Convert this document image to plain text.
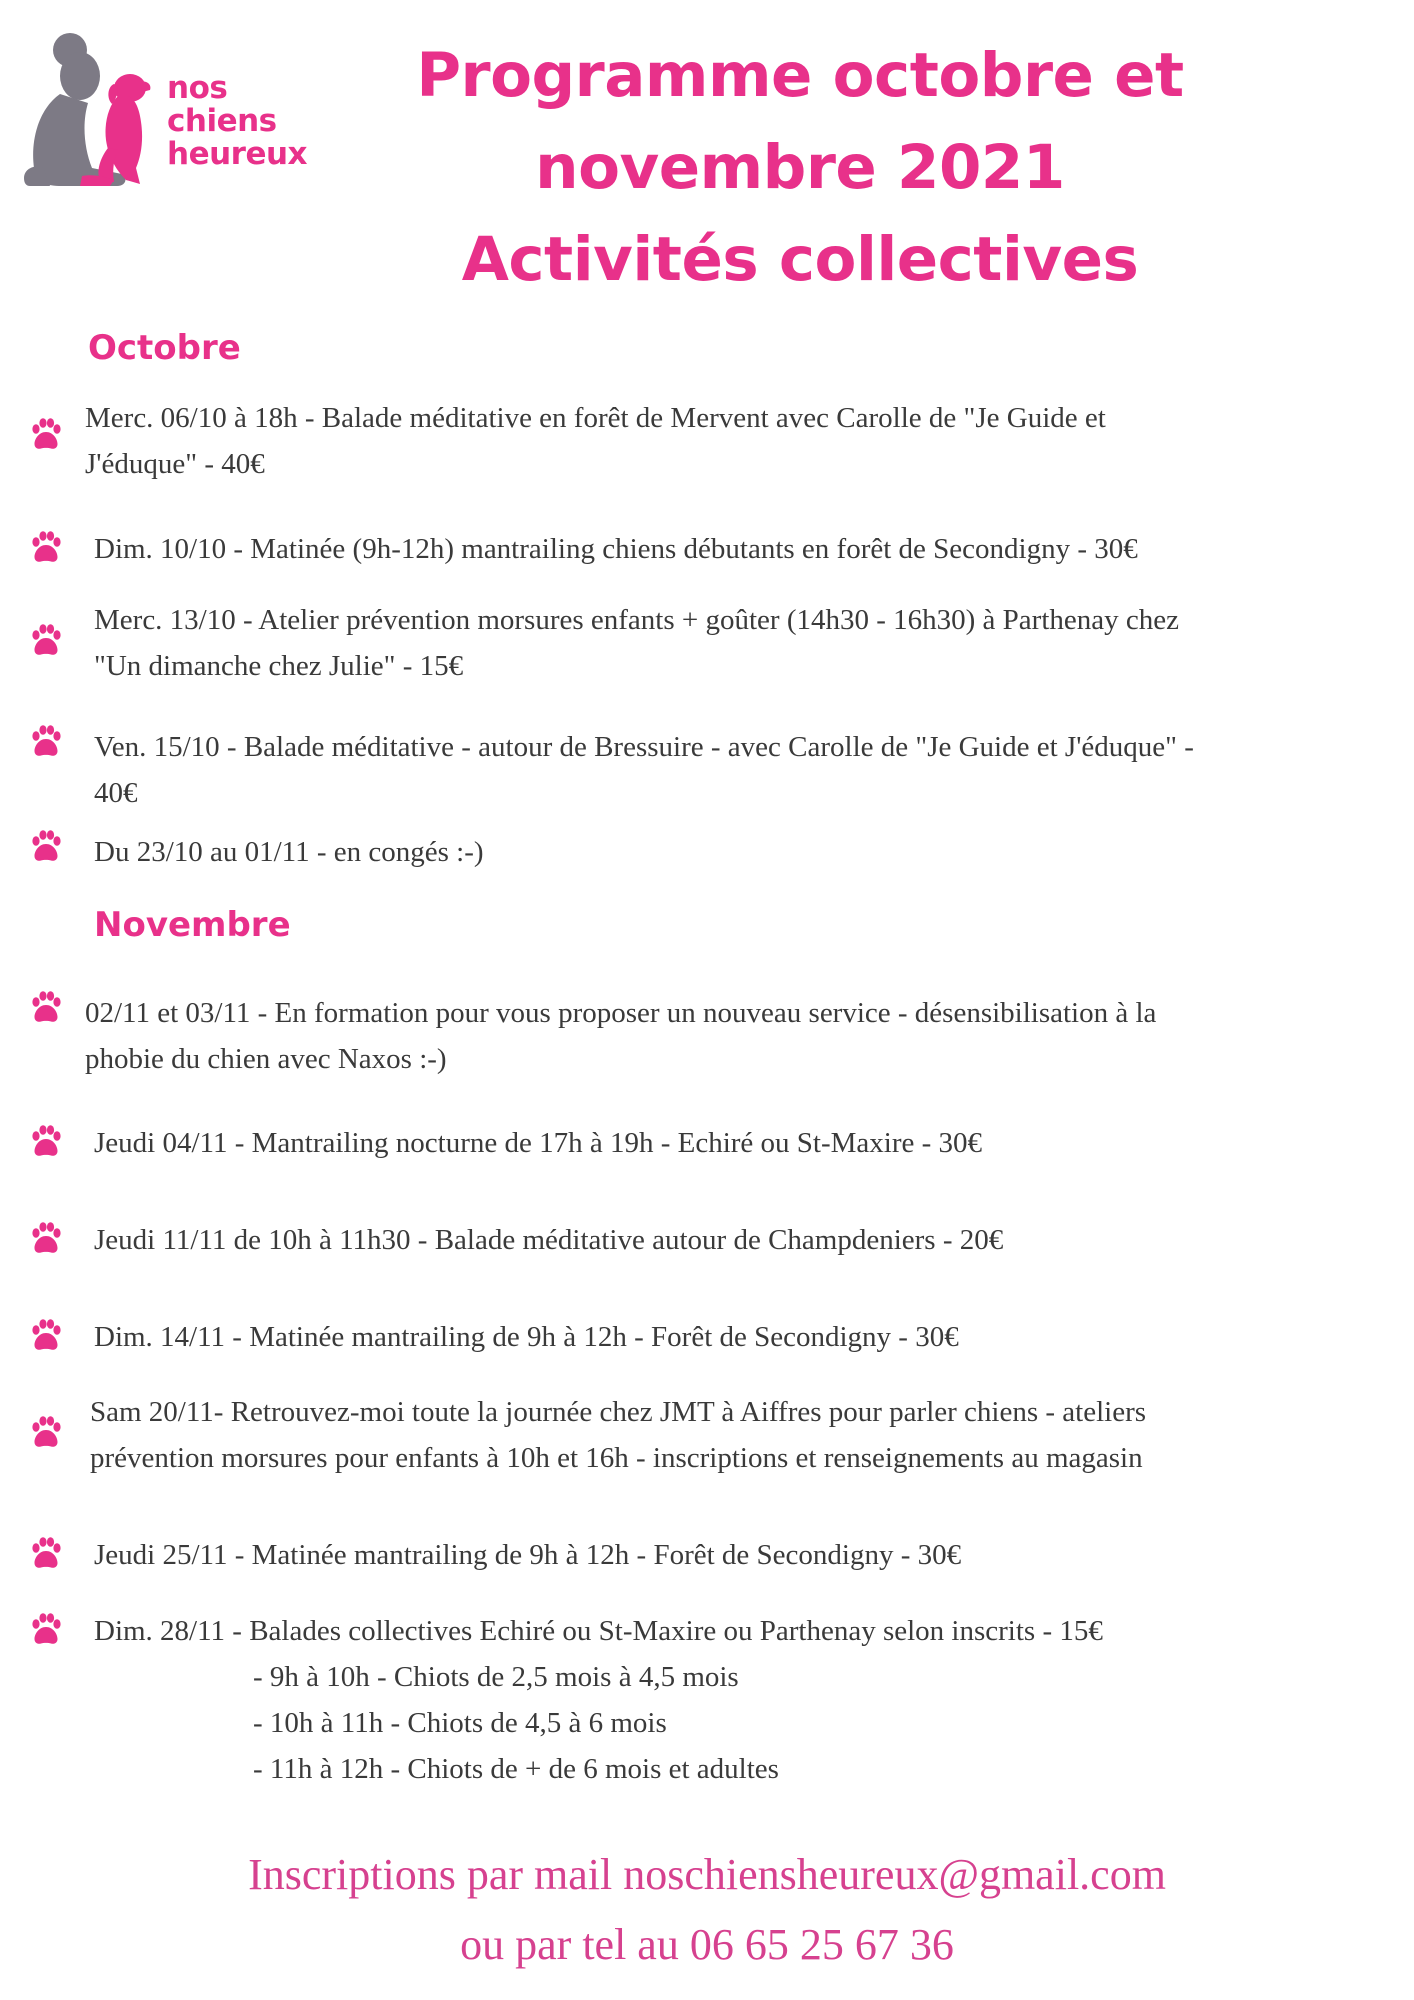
nos
chiens
heureux
Programme octobre et
novembre 2021
Activités collectives
Octobre
Merc. 06/10 à 18h - Balade méditative en forêt de Mervent avec Carolle de "Je Guide et
J'éduque" - 40€
Dim. 10/10 - Matinée (9h-12h) mantrailing chiens débutants en forêt de Secondigny - 30€
Merc. 13/10 - Atelier prévention morsures enfants + goûter (14h30 - 16h30) à Parthenay chez
"Un dimanche chez Julie" - 15€
Ven. 15/10 - Balade méditative - autour de Bressuire - avec Carolle de "Je Guide et J'éduque" -
40€
Du 23/10 au 01/11 - en congés :-)
Novembre
02/11 et 03/11 - En formation pour vous proposer un nouveau service - désensibilisation à la
phobie du chien avec Naxos :-)
Jeudi 04/11 - Mantrailing nocturne de 17h à 19h - Echiré ou St-Maxire - 30€
Jeudi 11/11 de 10h à 11h30 - Balade méditative autour de Champdeniers - 20€
Dim. 14/11 - Matinée mantrailing de 9h à 12h - Forêt de Secondigny - 30€
Sam 20/11- Retrouvez-moi toute la journée chez JMT à Aiffres pour parler chiens - ateliers
prévention morsures pour enfants à 10h et 16h - inscriptions et renseignements au magasin
Jeudi 25/11 - Matinée mantrailing de 9h à 12h - Forêt de Secondigny - 30€
Dim. 28/11 - Balades collectives Echiré ou St-Maxire ou Parthenay selon inscrits - 15€
- 9h à 10h - Chiots de 2,5 mois à 4,5 mois
- 10h à 11h - Chiots de 4,5 à 6 mois
- 11h à 12h - Chiots de + de 6 mois et adultes
Inscriptions par mail noschiensheureux@gmail.com
ou par tel au 06 65 25 67 36
